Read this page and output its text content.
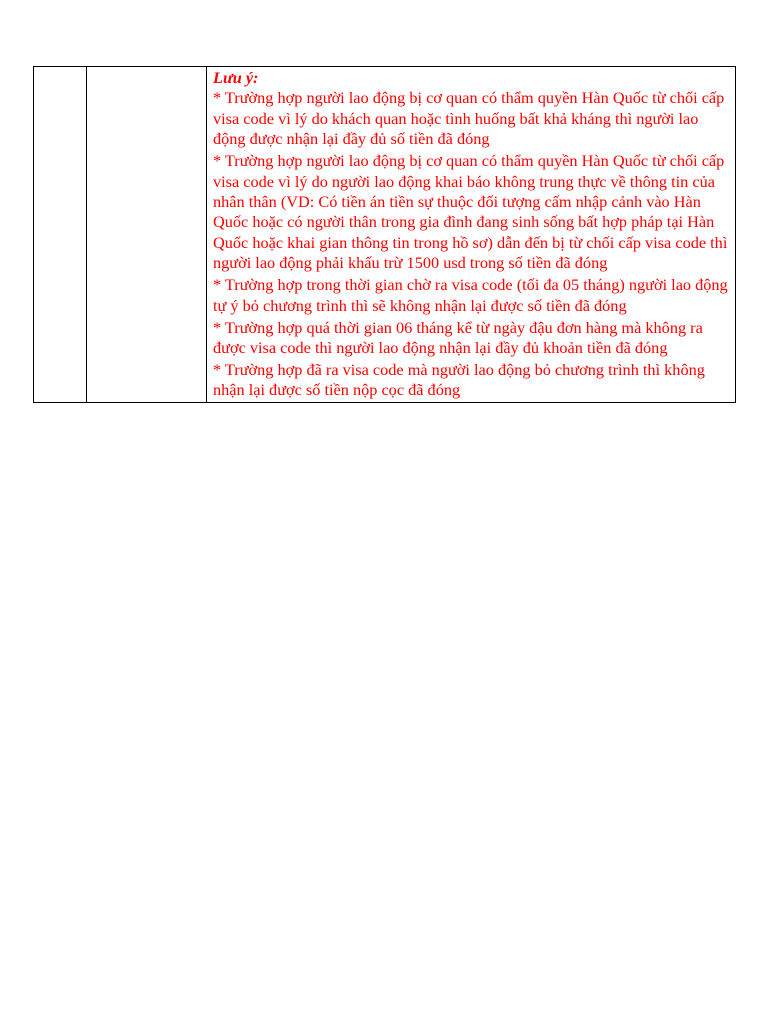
Lưu ý:

* Trường hợp người lao động bị cơ quan có thẩm quyền Hàn Quốc từ chối cấp visa code vì lý do khách quan hoặc tình huống bất khả kháng thì người lao động được nhận lại đầy đủ số tiền đã đóng

* Trường hợp người lao động bị cơ quan có thẩm quyền Hàn Quốc từ chối cấp visa code vì lý do người lao động khai báo không trung thực về thông tin của nhân thân (VD: Có tiền án tiền sự thuộc đối tượng cấm nhập cảnh vào Hàn Quốc hoặc có người thân trong gia đình đang sinh sống bất hợp pháp tại Hàn Quốc hoặc khai gian thông tin trong hồ sơ) dẫn đến bị từ chối cấp visa code thì người lao động phải khấu trừ 1500 usd trong số tiền đã đóng

* Trường hợp trong thời gian chờ ra visa code (tối đa 05 tháng) người lao động tự ý bỏ chương trình thì sẽ không nhận lại được số tiền đã đóng

* Trường hợp quá thời gian 06 tháng kể từ ngày đậu đơn hàng mà không ra được visa code thì người lao động nhận lại đầy đủ khoản tiền đã đóng

* Trường hợp đã ra visa code mà người lao động bỏ chương trình thì không nhận lại được số tiền nộp cọc đã đóng
